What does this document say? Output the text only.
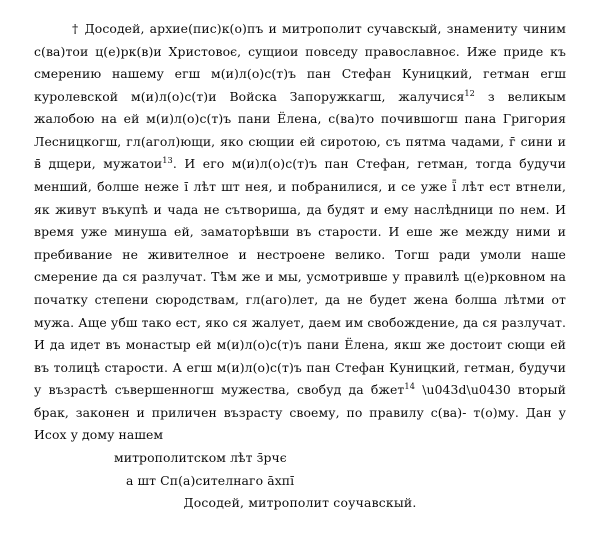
† Досодей, архие(пис)к(о)пъ и митрополит сучавскый, знамениту чиним с(ва)тои ц(е)рк(в)и Христовоє, сущиои повседу православноє. Иже приде къ смерению нашему егш м(и)л(о)с(т)ъ пан Стефан Куницкий, гетман егш куролевской м(и)л(о)с(т)и Войска Запоружкагш, жалучися$^{12}$ з великым жалобою на ей м(и)л(о)с(т)ъ пани Ёлена, с(ва)то почившогш пана Григория Лесницкогш, гл(агол)ющи, яко сющии ей сиротою, съ пятма чадами, г̄ сини и в̄ дщери, мужатои$^{13}$. И его м(и)л(о)с(т)ъ пан Стефан, гетман, тогда будучи менший, болше неже і̄ лѣт шт нея, и побранилися, и се уже ї̄ лѣт ест втнели, як живут въкупѣ и чада не сътвориша, да будят и ему наслѣдници по нем. И время уже минуша ей, заматорѣвши въ старости. И еше же между ними и пребивание не живителное и нестроене велико. Тогш ради умоли наше смерение да ся разлучат. Тѣм же и мы, усмотривше у правилѣ ц(е)рковном на початку степени сюродствам, гл(аго)лет, да не будет жена болша лѣтми от мужа. Аще убш тако ест, яко ся жалует, даем им свобождение, да ся разлучат. И да идет въ монастыр ей м(и)л(о)с(т)ъ пани Ёлена, якш же достоит сющи ей въ толицѣ старости. А егш м(и)л(о)с(т)ъ пан Стефан Куницкий, гетман, будучи у възрастѣ съвершенногш мужества, свобуд да бжет$^{14}$ \u043d\u0430 вторый брак, законен и приличен възрасту своему, по правилу с(ва)- т(о)му. Дан у Исох у дому нашем

митрополитском лѣт з̄рчє

а шт Сп(а)сителнаго а̄хпі̄

Досодей, митрополит соучавскый.
